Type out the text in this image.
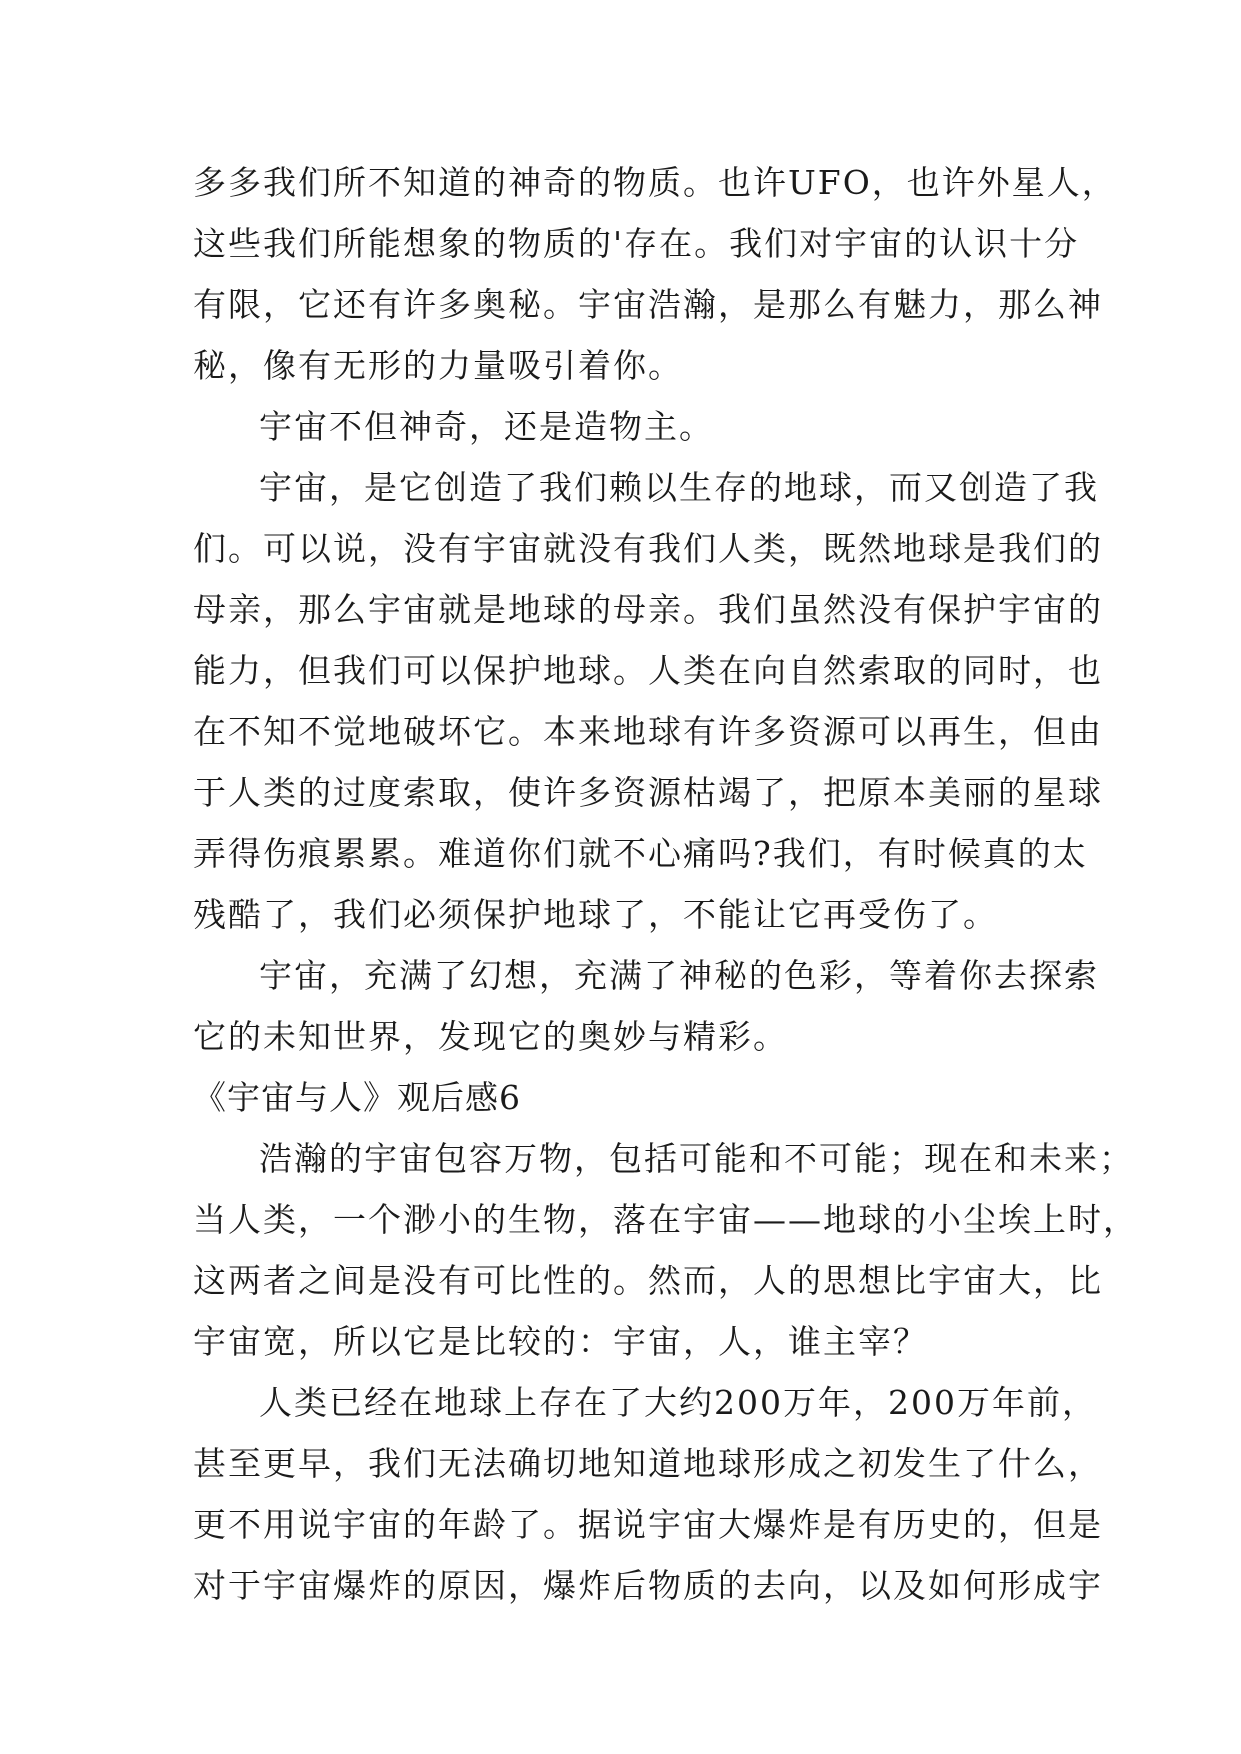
多多我们所不知道的神奇的物质。也许UFO，也许外星人，
这些我们所能想象的物质的'存在。我们对宇宙的认识十分
有限，它还有许多奥秘。宇宙浩瀚，是那么有魅力，那么神
秘，像有无形的力量吸引着你。
宇宙不但神奇，还是造物主。
宇宙，是它创造了我们赖以生存的地球，而又创造了我
们。可以说，没有宇宙就没有我们人类，既然地球是我们的
母亲，那么宇宙就是地球的母亲。我们虽然没有保护宇宙的
能力，但我们可以保护地球。人类在向自然索取的同时，也
在不知不觉地破坏它。本来地球有许多资源可以再生，但由
于人类的过度索取，使许多资源枯竭了，把原本美丽的星球
弄得伤痕累累。难道你们就不心痛吗?我们，有时候真的太
残酷了，我们必须保护地球了，不能让它再受伤了。
宇宙，充满了幻想，充满了神秘的色彩，等着你去探索
它的未知世界，发现它的奥妙与精彩。
《宇宙与人》观后感6
浩瀚的宇宙包容万物，包括可能和不可能；现在和未来；
当人类，一个渺小的生物，落在宇宙——地球的小尘埃上时，
这两者之间是没有可比性的。然而，人的思想比宇宙大，比
宇宙宽，所以它是比较的：宇宙，人，谁主宰？
人类已经在地球上存在了大约200万年，200万年前，
甚至更早，我们无法确切地知道地球形成之初发生了什么，
更不用说宇宙的年龄了。据说宇宙大爆炸是有历史的，但是
对于宇宙爆炸的原因，爆炸后物质的去向，以及如何形成宇
